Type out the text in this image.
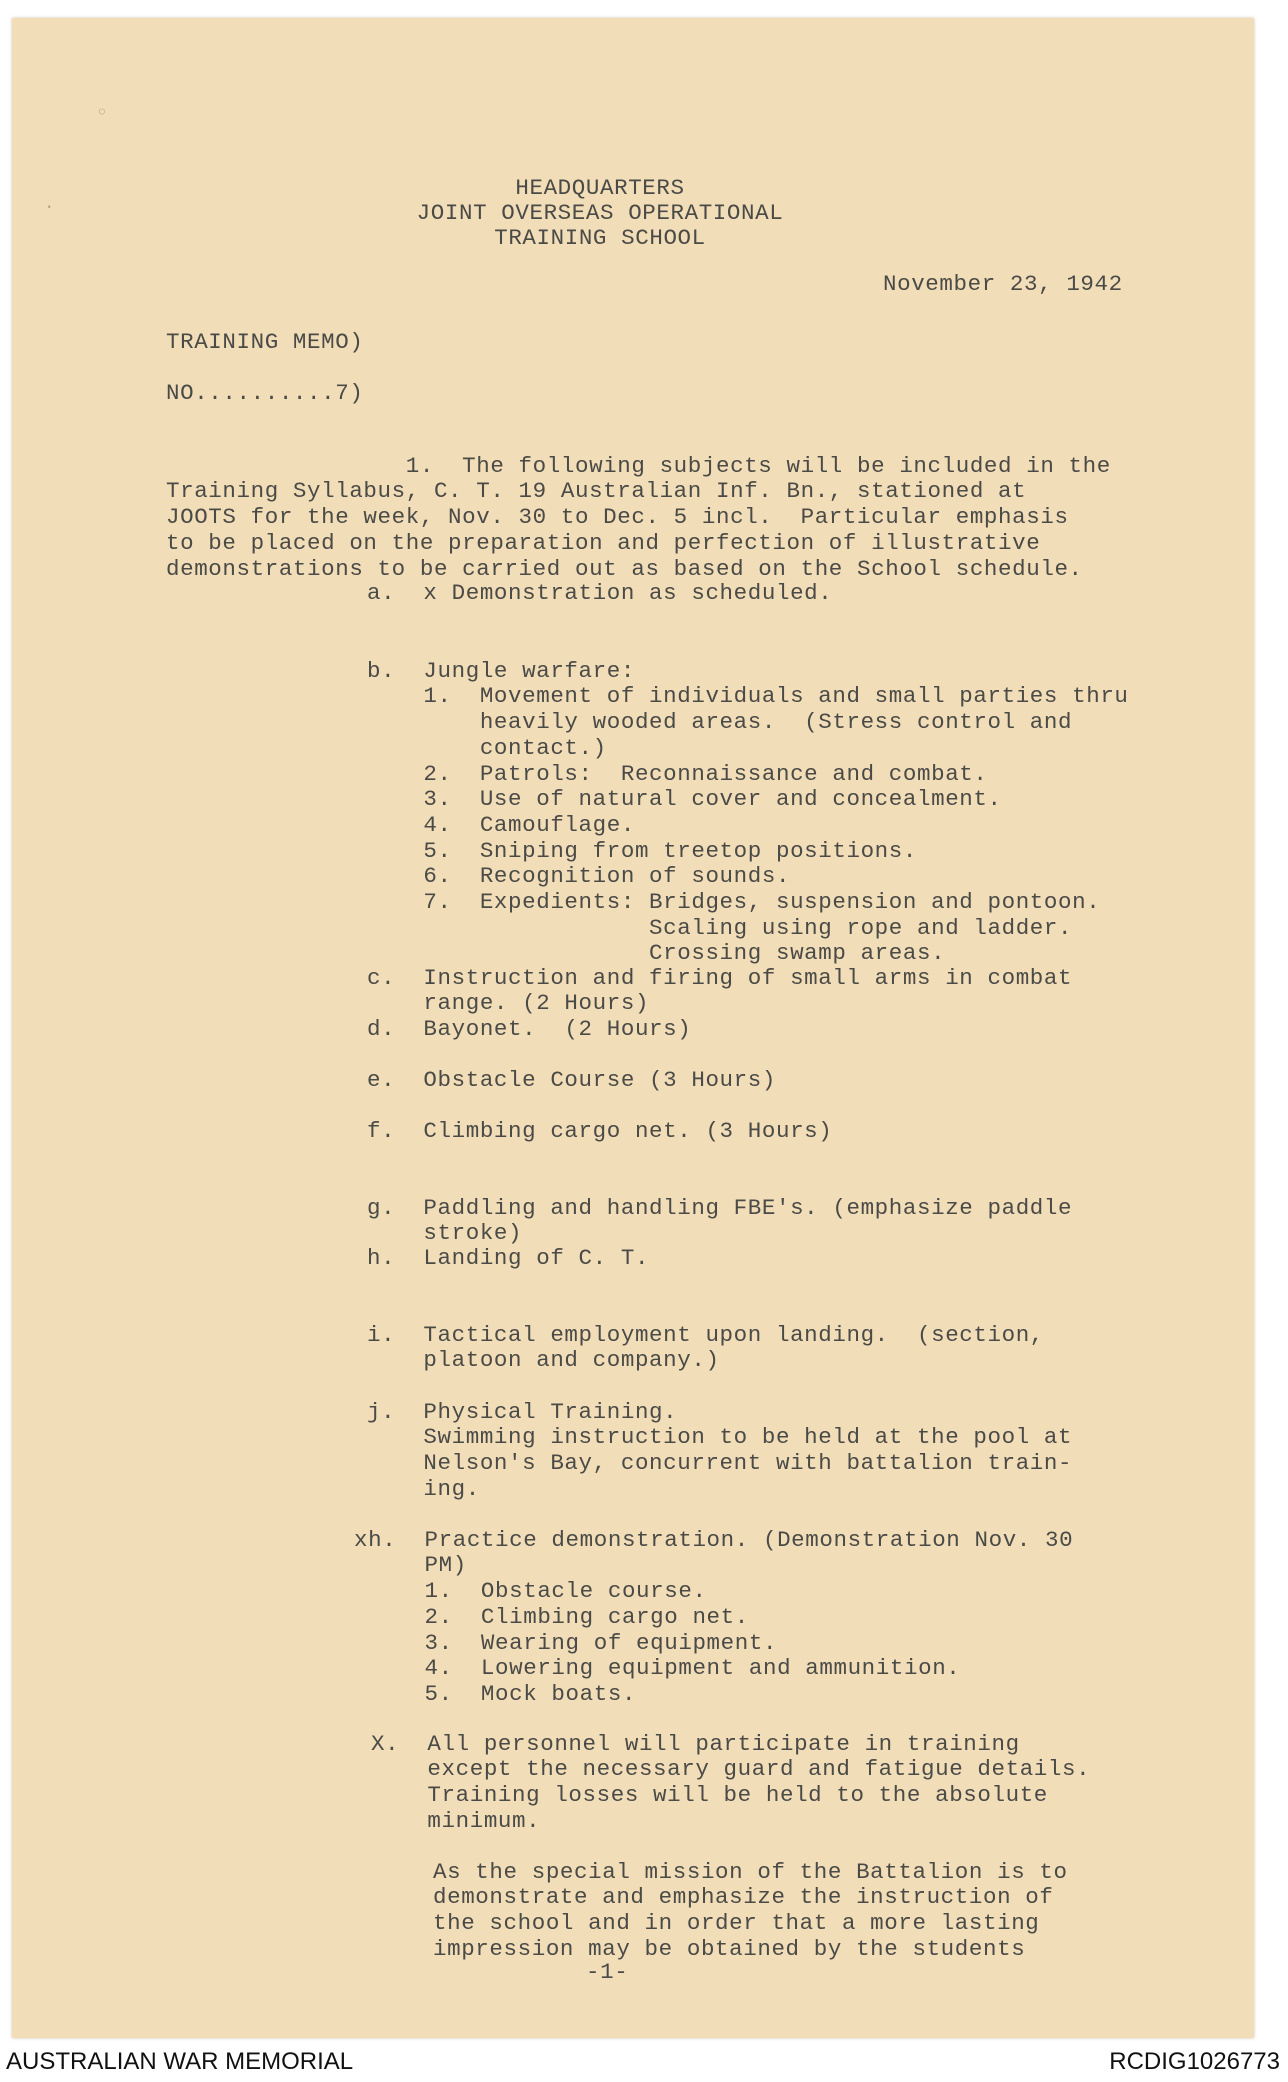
◦
·
HEADQUARTERS
JOINT OVERSEAS OPERATIONAL
TRAINING SCHOOL
November 23, 1942
TRAINING MEMO)
NO..........7)

1.  The following subjects will be included in the
Training Syllabus, C. T. 19 Australian Inf. Bn., stationed at
JOOTS for the week, Nov. 30 to Dec. 5 incl.  Particular emphasis
to be placed on the preparation and perfection of illustrative
demonstrations to be carried out as based on the School schedule.

a.  x Demonstration as scheduled.

b.  Jungle warfare:
1.  Movement of individuals and small parties thru
heavily wooded areas.  (Stress control and
contact.)
2.  Patrols:  Reconnaissance and combat.
3.  Use of natural cover and concealment.
4.  Camouflage.
5.  Sniping from treetop positions.
6.  Recognition of sounds.
7.  Expedients: Bridges, suspension and pontoon.
Scaling using rope and ladder.
Crossing swamp areas.

c.  Instruction and firing of small arms in combat
range. (2 Hours)

d.  Bayonet.  (2 Hours)
e.  Obstacle Course (3 Hours)
f.  Climbing cargo net. (3 Hours)

g.  Paddling and handling FBE's. (emphasize paddle
stroke)

h.  Landing of C. T.

i.  Tactical employment upon landing.  (section,
platoon and company.)

j.  Physical Training.
Swimming instruction to be held at the pool at
Nelson's Bay, concurrent with battalion train-
ing.

xh.  Practice demonstration. (Demonstration Nov. 30
PM)
1.  Obstacle course.
2.  Climbing cargo net.
3.  Wearing of equipment.
4.  Lowering equipment and ammunition.
5.  Mock boats.

X.  All personnel will participate in training
except the necessary guard and fatigue details.
Training losses will be held to the absolute
minimum.

As the special mission of the Battalion is to
demonstrate and emphasize the instruction of
the school and in order that a more lasting
impression may be obtained by the students

-1-
AUSTRALIAN WAR MEMORIAL	RCDIG1026773
